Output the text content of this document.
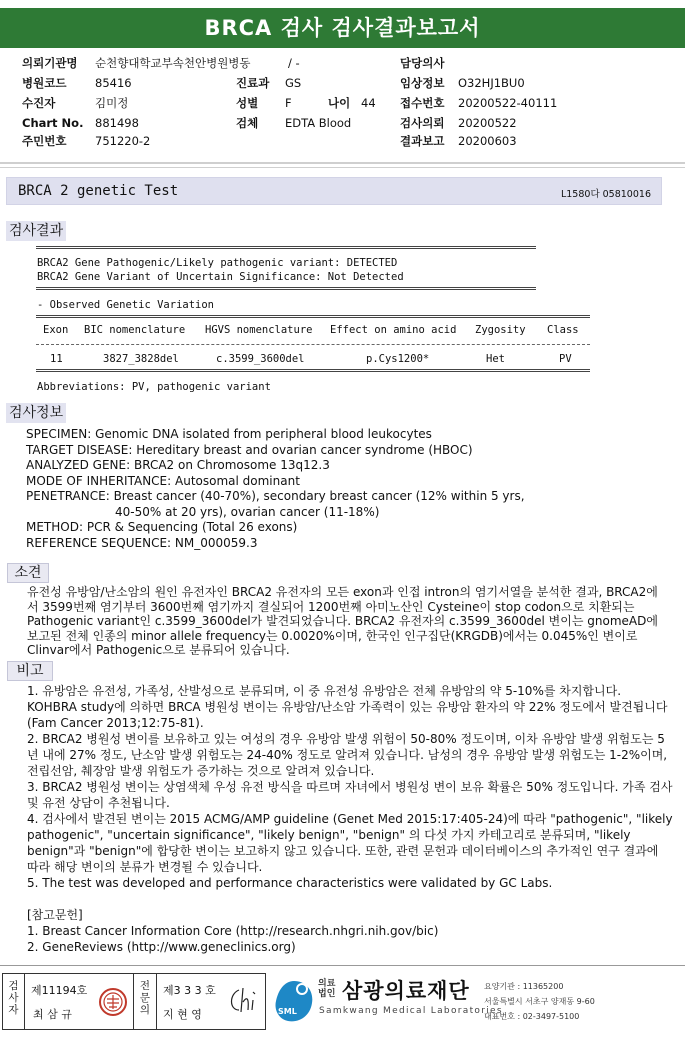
BRCA 검사 검사결과보고서
의뢰기관명 순천향대학교부속천안병원병동	/ -	담당의사
병원코드 85416	진료과 GS	임상정보 O32HJ1BU0
수진자	김미정	성별 F	나이 44 접수번호 20200522-40111
Chart No. 881498	검체 EDTA Blood	검사의뢰 20200522
주민번호 751220-2	결과보고 20200603
BRCA 2 genetic Test	L1580다 05810016
검사결과
BRCA2 Gene Pathogenic/Likely pathogenic variant: DETECTED
BRCA2 Gene Variant of Uncertain Significance: Not Detected
- Observed Genetic Variation
Exon BIC nomenclature HGVS nomenclature Effect on amino acid Zygosity Class
11	3827_3828del	c.3599_3600del	p.Cys1200*	Het	PV
Abbreviations: PV, pathogenic variant
검사정보
SPECIMEN: Genomic DNA isolated from peripheral blood leukocytes
TARGET DISEASE: Hereditary breast and ovarian cancer syndrome (HBOC)
ANALYZED GENE: BRCA2 on Chromosome 13q12.3
MODE OF INHERITANCE: Autosomal dominant
PENETRANCE: Breast cancer (40-70%), secondary breast cancer (12% within 5 yrs,
40-50% at 20 yrs), ovarian cancer (11-18%)
METHOD: PCR & Sequencing (Total 26 exons)
REFERENCE SEQUENCE: NM_000059.3
소견
유전성 유방암/난소암의 원인 유전자인 BRCA2 유전자의 모든 exon과 인접 intron의 염기서열을 분석한 결과, BRCA2에서 3599번째 염기부터 3600번째 염기까지 결실되어 1200번째 아미노산인 Cysteine이 stop codon으로 치환되는 Pathogenic variant인 c.3599_3600del가 발견되었습니다. BRCA2 유전자의 c.3599_3600del 변이는 gnomeAD에 보고된 전체 인종의 minor allele frequency는 0.0020%이며, 한국인 인구집단(KRGDB)에서는 0.045%인 변이로 Clinvar에서 Pathogenic으로 분류되어 있습니다.
비고

1. 유방암은 유전성, 가족성, 산발성으로 분류되며, 이 중 유전성 유방암은 전체 유방암의 약 5-10%를 차지합니다. KOHBRA study에 의하면 BRCA 병원성 변이는 유방암/난소암 가족력이 있는 유방암 환자의 약 22% 정도에서 발견됩니다 (Fam Cancer 2013;12:75-81).

2. BRCA2 병원성 변이를 보유하고 있는 여성의 경우 유방암 발생 위험이 50-80% 정도이며, 이차 유방암 발생 위험도는 5년 내에 27% 정도, 난소암 발생 위험도는 24-40% 정도로 알려져 있습니다. 남성의 경우 유방암 발생 위험도는 1-2%이며, 전립선암, 췌장암 발생 위험도가 증가하는 것으로 알려져 있습니다.

3. BRCA2 병원성 변이는 상염색체 우성 유전 방식을 따르며 자녀에서 병원성 변이 보유 확률은 50% 정도입니다. 가족 검사 및 유전 상담이 추천됩니다.

4. 검사에서 발견된 변이는 2015 ACMG/AMP guideline (Genet Med 2015:17:405-24)에 따라 "pathogenic", "likely pathogenic", "uncertain significance", "likely benign", "benign" 의 다섯 가지 카테고리로 분류되며, "likely benign"과 "benign"에 합당한 변이는 보고하지 않고 있습니다. 또한, 관련 문헌과 데이터베이스의 추가적인 연구 결과에 따라 해당 변이의 분류가 변경될 수 있습니다.

5. The test was developed and performance characteristics were validated by GC Labs.

[참고문헌]
1. Breast Cancer Information Core (http://research.nhgri.nih.gov/bic)
2. GeneReviews (http://www.geneclinics.org)
검
사
자
제11194호
최 삼 규
전
문
의
제3 3 3 호
지 현 영	SML
의료
법인 삼광의료재단
Samkwang Medical Laboratories
요양기관 : 11365200
서울특별시 서초구 양재동 9-60
대표번호 : 02-3497-5100
